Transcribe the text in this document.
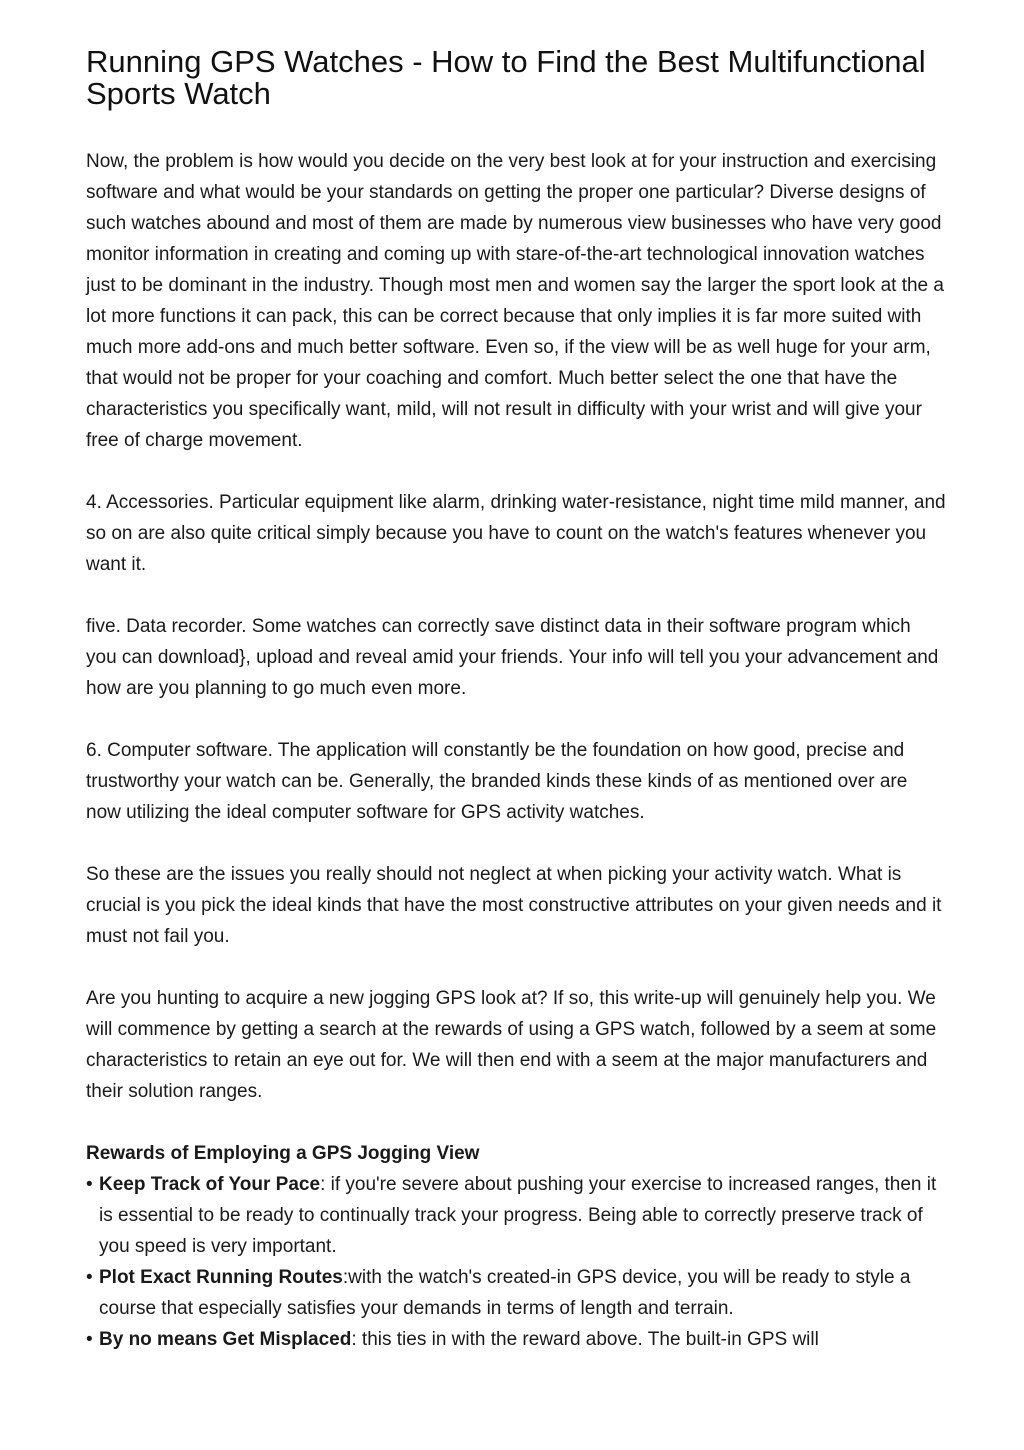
Running GPS Watches - How to Find the Best Multifunctional Sports Watch

Now, the problem is how would you decide on the very best look at for your instruction and exercising software and what would be your standards on getting the proper one particular? Diverse designs of such watches abound and most of them are made by numerous view businesses who have very good monitor information in creating and coming up with stare-of-the-art technological innovation watches just to be dominant in the industry. Though most men and women say the larger the sport look at the a lot more functions it can pack, this can be correct because that only implies it is far more suited with much more add-ons and much better software. Even so, if the view will be as well huge for your arm, that would not be proper for your coaching and comfort. Much better select the one that have the characteristics you specifically want, mild, will not result in difficulty with your wrist and will give your free of charge movement.

4. Accessories. Particular equipment like alarm, drinking water-resistance, night time mild manner, and so on are also quite critical simply because you have to count on the watch's features whenever you want it.

five. Data recorder. Some watches can correctly save distinct data in their software program which you can download}, upload and reveal amid your friends. Your info will tell you your advancement and how are you planning to go much even more.

6. Computer software. The application will constantly be the foundation on how good, precise and trustworthy your watch can be. Generally, the branded kinds these kinds of as mentioned over are now utilizing the ideal computer software for GPS activity watches.

So these are the issues you really should not neglect at when picking your activity watch. What is crucial is you pick the ideal kinds that have the most constructive attributes on your given needs and it must not fail you.

Are you hunting to acquire a new jogging GPS look at? If so, this write-up will genuinely help you. We will commence by getting a search at the rewards of using a GPS watch, followed by a seem at some characteristics to retain an eye out for. We will then end with a seem at the major manufacturers and their solution ranges.

Rewards of Employing a GPS Jogging View
• Keep Track of Your Pace: if you're severe about pushing your exercise to increased ranges, then it is essential to be ready to continually track your progress. Being able to correctly preserve track of you speed is very important.
• Plot Exact Running Routes:with the watch's created-in GPS device, you will be ready to style a course that especially satisfies your demands in terms of length and terrain.
• By no means Get Misplaced: this ties in with the reward above. The built-in GPS will
